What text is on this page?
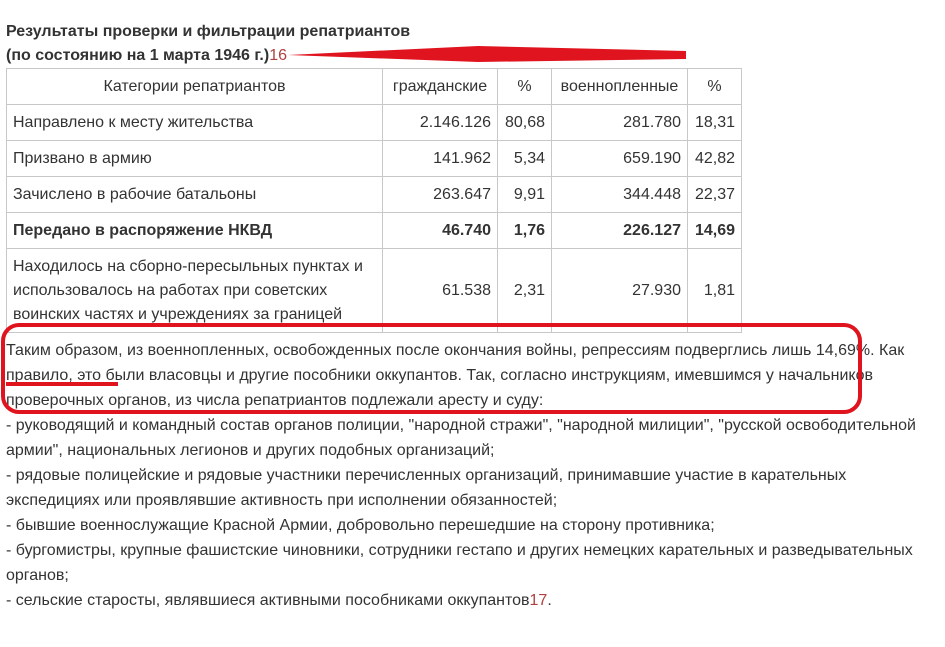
Результаты проверки и фильтрации репатриантов
(по состоянию на 1 марта 1946 г.)16
Категории репатриантов	гражданские	%	военнопленные	%
Направлено к месту жительства	2.146.126	80,68	281.780	18,31
Призвано в армию	141.962	5,34	659.190	42,82
Зачислено в рабочие батальоны	263.647	9,91	344.448	22,37
Передано в распоряжение НКВД	46.740	1,76	226.127	14,69
Находилось на сборно-пересыльных пунктах и использовалось на работах при советских воинских частях и учреждениях за границей	61.538	2,31	27.930	1,81

Таким образом, из военнопленных, освобожденных после окончания войны, репрессиям подверглись лишь 14,69%. Как правило, это были власовцы и другие пособники оккупантов. Так, согласно инструкциям, имевшимся у начальников проверочных органов, из числа репатриантов подлежали аресту и суду:

- руководящий и командный состав органов полиции, "народной стражи", "народной милиции", "русской освободительной армии", национальных легионов и других подобных организаций;

- рядовые полицейские и рядовые участники перечисленных организаций, принимавшие участие в карательных экспедициях или проявлявшие активность при исполнении обязанностей;

- бывшие военнослужащие Красной Армии, добровольно перешедшие на сторону противника;

- бургомистры, крупные фашистские чиновники, сотрудники гестапо и других немецких карательных и разведывательных органов;

- сельские старосты, являвшиеся активными пособниками оккупантов17.
